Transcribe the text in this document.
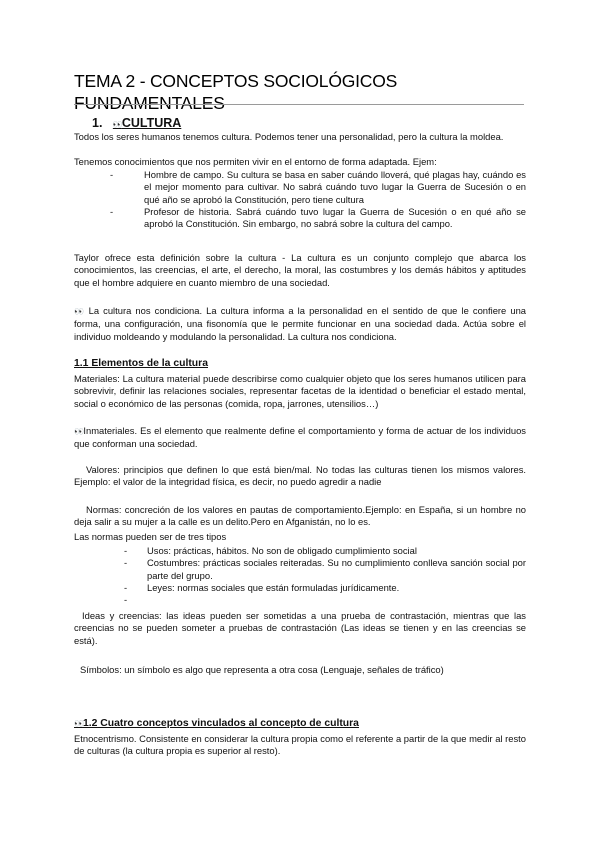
TEMA 2 - CONCEPTOS SOCIOLÓGICOS FUNDAMENTALES
1. 👀CULTURA
Todos los seres humanos tenemos cultura. Podemos tener una personalidad, pero la cultura la moldea.
Tenemos conocimientos que nos permiten vivir en el entorno de forma adaptada. Ejem:
-	Hombre de campo. Su cultura se basa en saber cuándo lloverá, qué plagas hay, cuándo es el mejor momento para cultivar. No sabrá cuándo tuvo lugar la Guerra de Sucesión o en qué año se aprobó la Constitución, pero tiene cultura
-	Profesor de historia. Sabrá cuándo tuvo lugar la Guerra de Sucesión o en qué año se aprobó la Constitución. Sin embargo, no sabrá sobre la cultura del campo.
Taylor ofrece esta definición sobre la cultura - La cultura es un conjunto complejo que abarca los conocimientos, las creencias, el arte, el derecho, la moral, las costumbres y los demás hábitos y aptitudes que el hombre adquiere en cuanto miembro de una sociedad.
👀 La cultura nos condiciona. La cultura informa a la personalidad en el sentido de que le confiere una forma, una configuración, una fisonomía que le permite funcionar en una sociedad dada. Actúa sobre el individuo moldeando y modulando la personalidad. La cultura nos condiciona.
1.1 Elementos de la cultura
Materiales: La cultura material puede describirse como cualquier objeto que los seres humanos utilicen para sobrevivir, definir las relaciones sociales, representar facetas de la identidad o beneficiar el estado mental, social o económico de las personas (comida, ropa, jarrones, utensilios…)
👀Inmateriales. Es el elemento que realmente define el comportamiento y forma de actuar de los individuos que conforman una sociedad.
Valores: principios que definen lo que está bien/mal. No todas las culturas tienen los mismos valores. Ejemplo: el valor de la integridad física, es decir, no puedo agredir a nadie
Normas: concreción de los valores en pautas de comportamiento.Ejemplo: en España, si un hombre no deja salir a su mujer a la calle es un delito.Pero en Afganistán, no lo es.
Las normas pueden ser de tres tipos
- Usos: prácticas, hábitos. No son de obligado cumplimiento social
- Costumbres: prácticas sociales reiteradas. Su no cumplimiento conlleva sanción social por parte del grupo.
- Leyes: normas sociales que están formuladas jurídicamente.
-
Ideas y creencias: las ideas pueden ser sometidas a una prueba de contrastación, mientras que las creencias no se pueden someter a pruebas de contrastación (Las ideas se tienen y en las creencias se está).
Símbolos: un símbolo es algo que representa a otra cosa (Lenguaje, señales de tráfico)
👀1.2 Cuatro conceptos vinculados al concepto de cultura
Etnocentrismo. Consistente en considerar la cultura propia como el referente a partir de la que medir al resto de culturas (la cultura propia es superior al resto).
